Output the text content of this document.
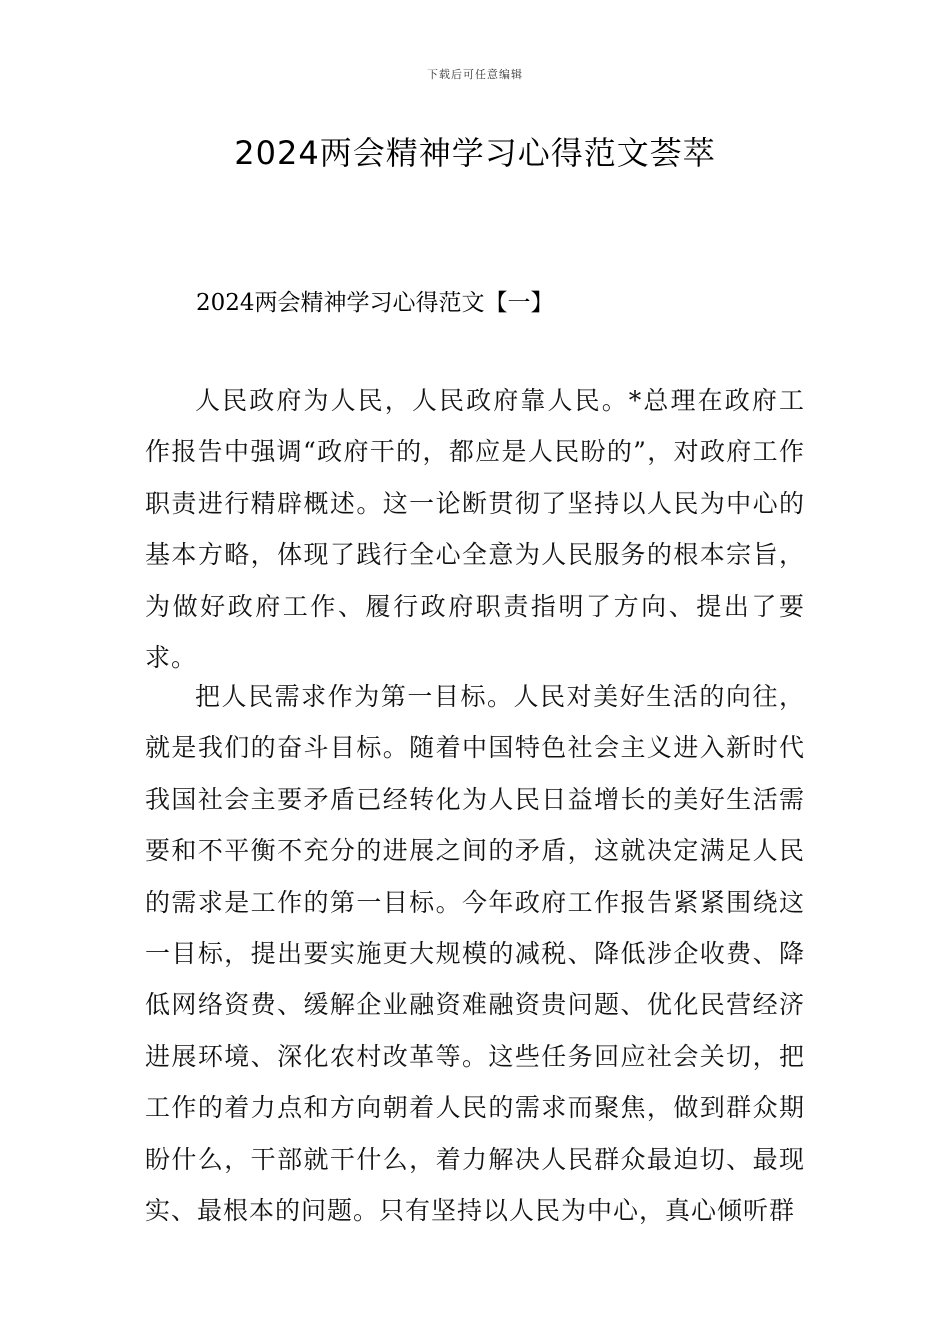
下载后可任意编辑
2024两会精神学习心得范文荟萃
2024两会精神学习心得范文【一】

人民政府为人民，人民政府靠人民。*总理在政府工作报告中强调“政府干的，都应是人民盼的”，对政府工作职责进行精辟概述。这一论断贯彻了坚持以人民为中心的基本方略，体现了践行全心全意为人民服务的根本宗旨，为做好政府工作、履行政府职责指明了方向、提出了要求。

把人民需求作为第一目标。人民对美好生活的向往，就是我们的奋斗目标。随着中国特色社会主义进入新时代我国社会主要矛盾已经转化为人民日益增长的美好生活需要和不平衡不充分的进展之间的矛盾，这就决定满足人民的需求是工作的第一目标。今年政府工作报告紧紧围绕这一目标，提出要实施更大规模的减税、降低涉企收费、降低网络资费、缓解企业融资难融资贵问题、优化民营经济进展环境、深化农村改革等。这些任务回应社会关切，把工作的着力点和方向朝着人民的需求而聚焦，做到群众期盼什么，干部就干什么，着力解决人民群众最迫切、最现实、最根本的问题。只有坚持以人民为中心，真心倾听群
